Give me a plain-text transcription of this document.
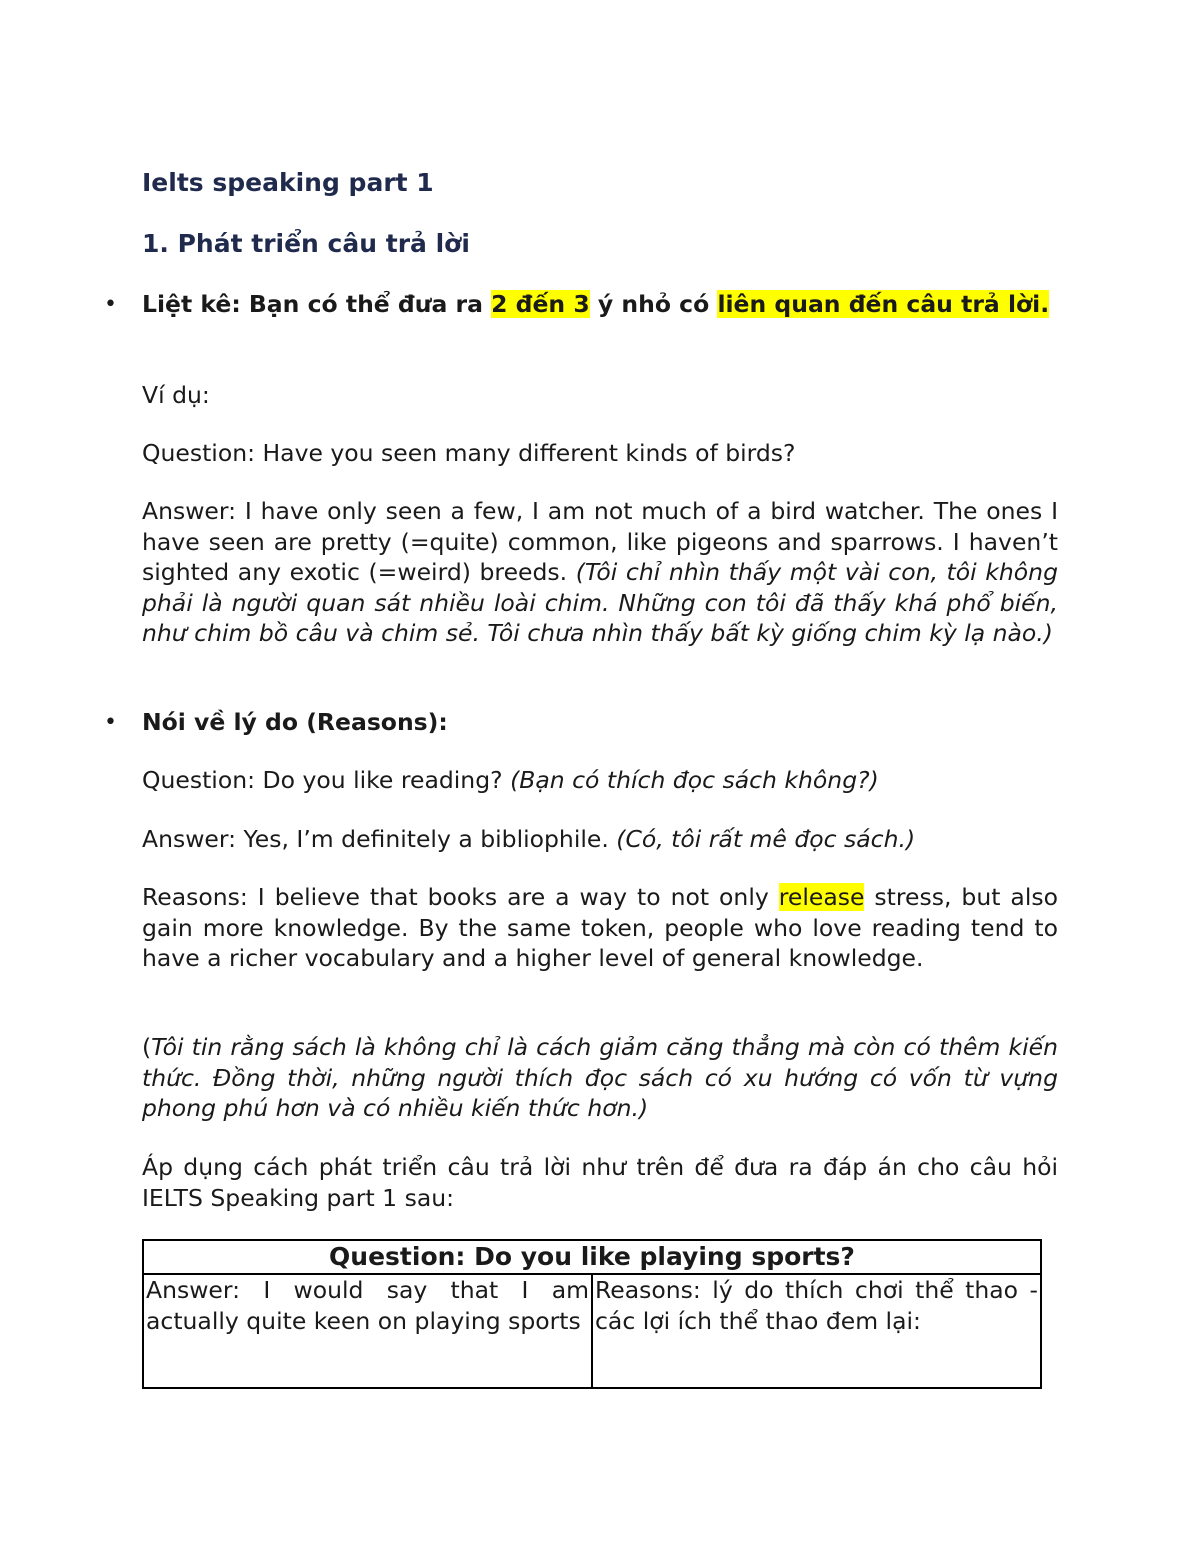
Ielts speaking part 1
1. Phát triển câu trả lời
• Liệt kê: Bạn có thể đưa ra 2 đến 3 ý nhỏ có liên quan đến câu trả lời.

Ví dụ:

Question: Have you seen many different kinds of birds?

Answer: I have only seen a few, I am not much of a bird watcher. The ones I have seen are pretty (=quite) common, like pigeons and sparrows. I haven’t sighted any exotic (=weird) breeds. (Tôi chỉ nhìn thấy một vài con, tôi không phải là người quan sát nhiều loài chim. Những con tôi đã thấy khá phổ biến, như chim bồ câu và chim sẻ. Tôi chưa nhìn thấy bất kỳ giống chim kỳ lạ nào.)

• Nói về lý do (Reasons):

Question: Do you like reading? (Bạn có thích đọc sách không?)

Answer: Yes, I’m definitely a bibliophile. (Có, tôi rất mê đọc sách.)

Reasons: I believe that books are a way to not only release stress, but also gain more knowledge. By the same token, people who love reading tend to have a richer vocabulary and a higher level of general knowledge.

(Tôi tin rằng sách là không chỉ là cách giảm căng thẳng mà còn có thêm kiến thức. Đồng thời, những người thích đọc sách có xu hướng có vốn từ vựng phong phú hơn và có nhiều kiến thức hơn.)

Áp dụng cách phát triển câu trả lời như trên để đưa ra đáp án cho câu hỏi IELTS Speaking part 1 sau:

Question: Do you like playing sports?
Answer: I would say that I am actually quite keen on playing sports	Reasons: lý do thích chơi thể thao - các lợi ích thể thao đem lại:
